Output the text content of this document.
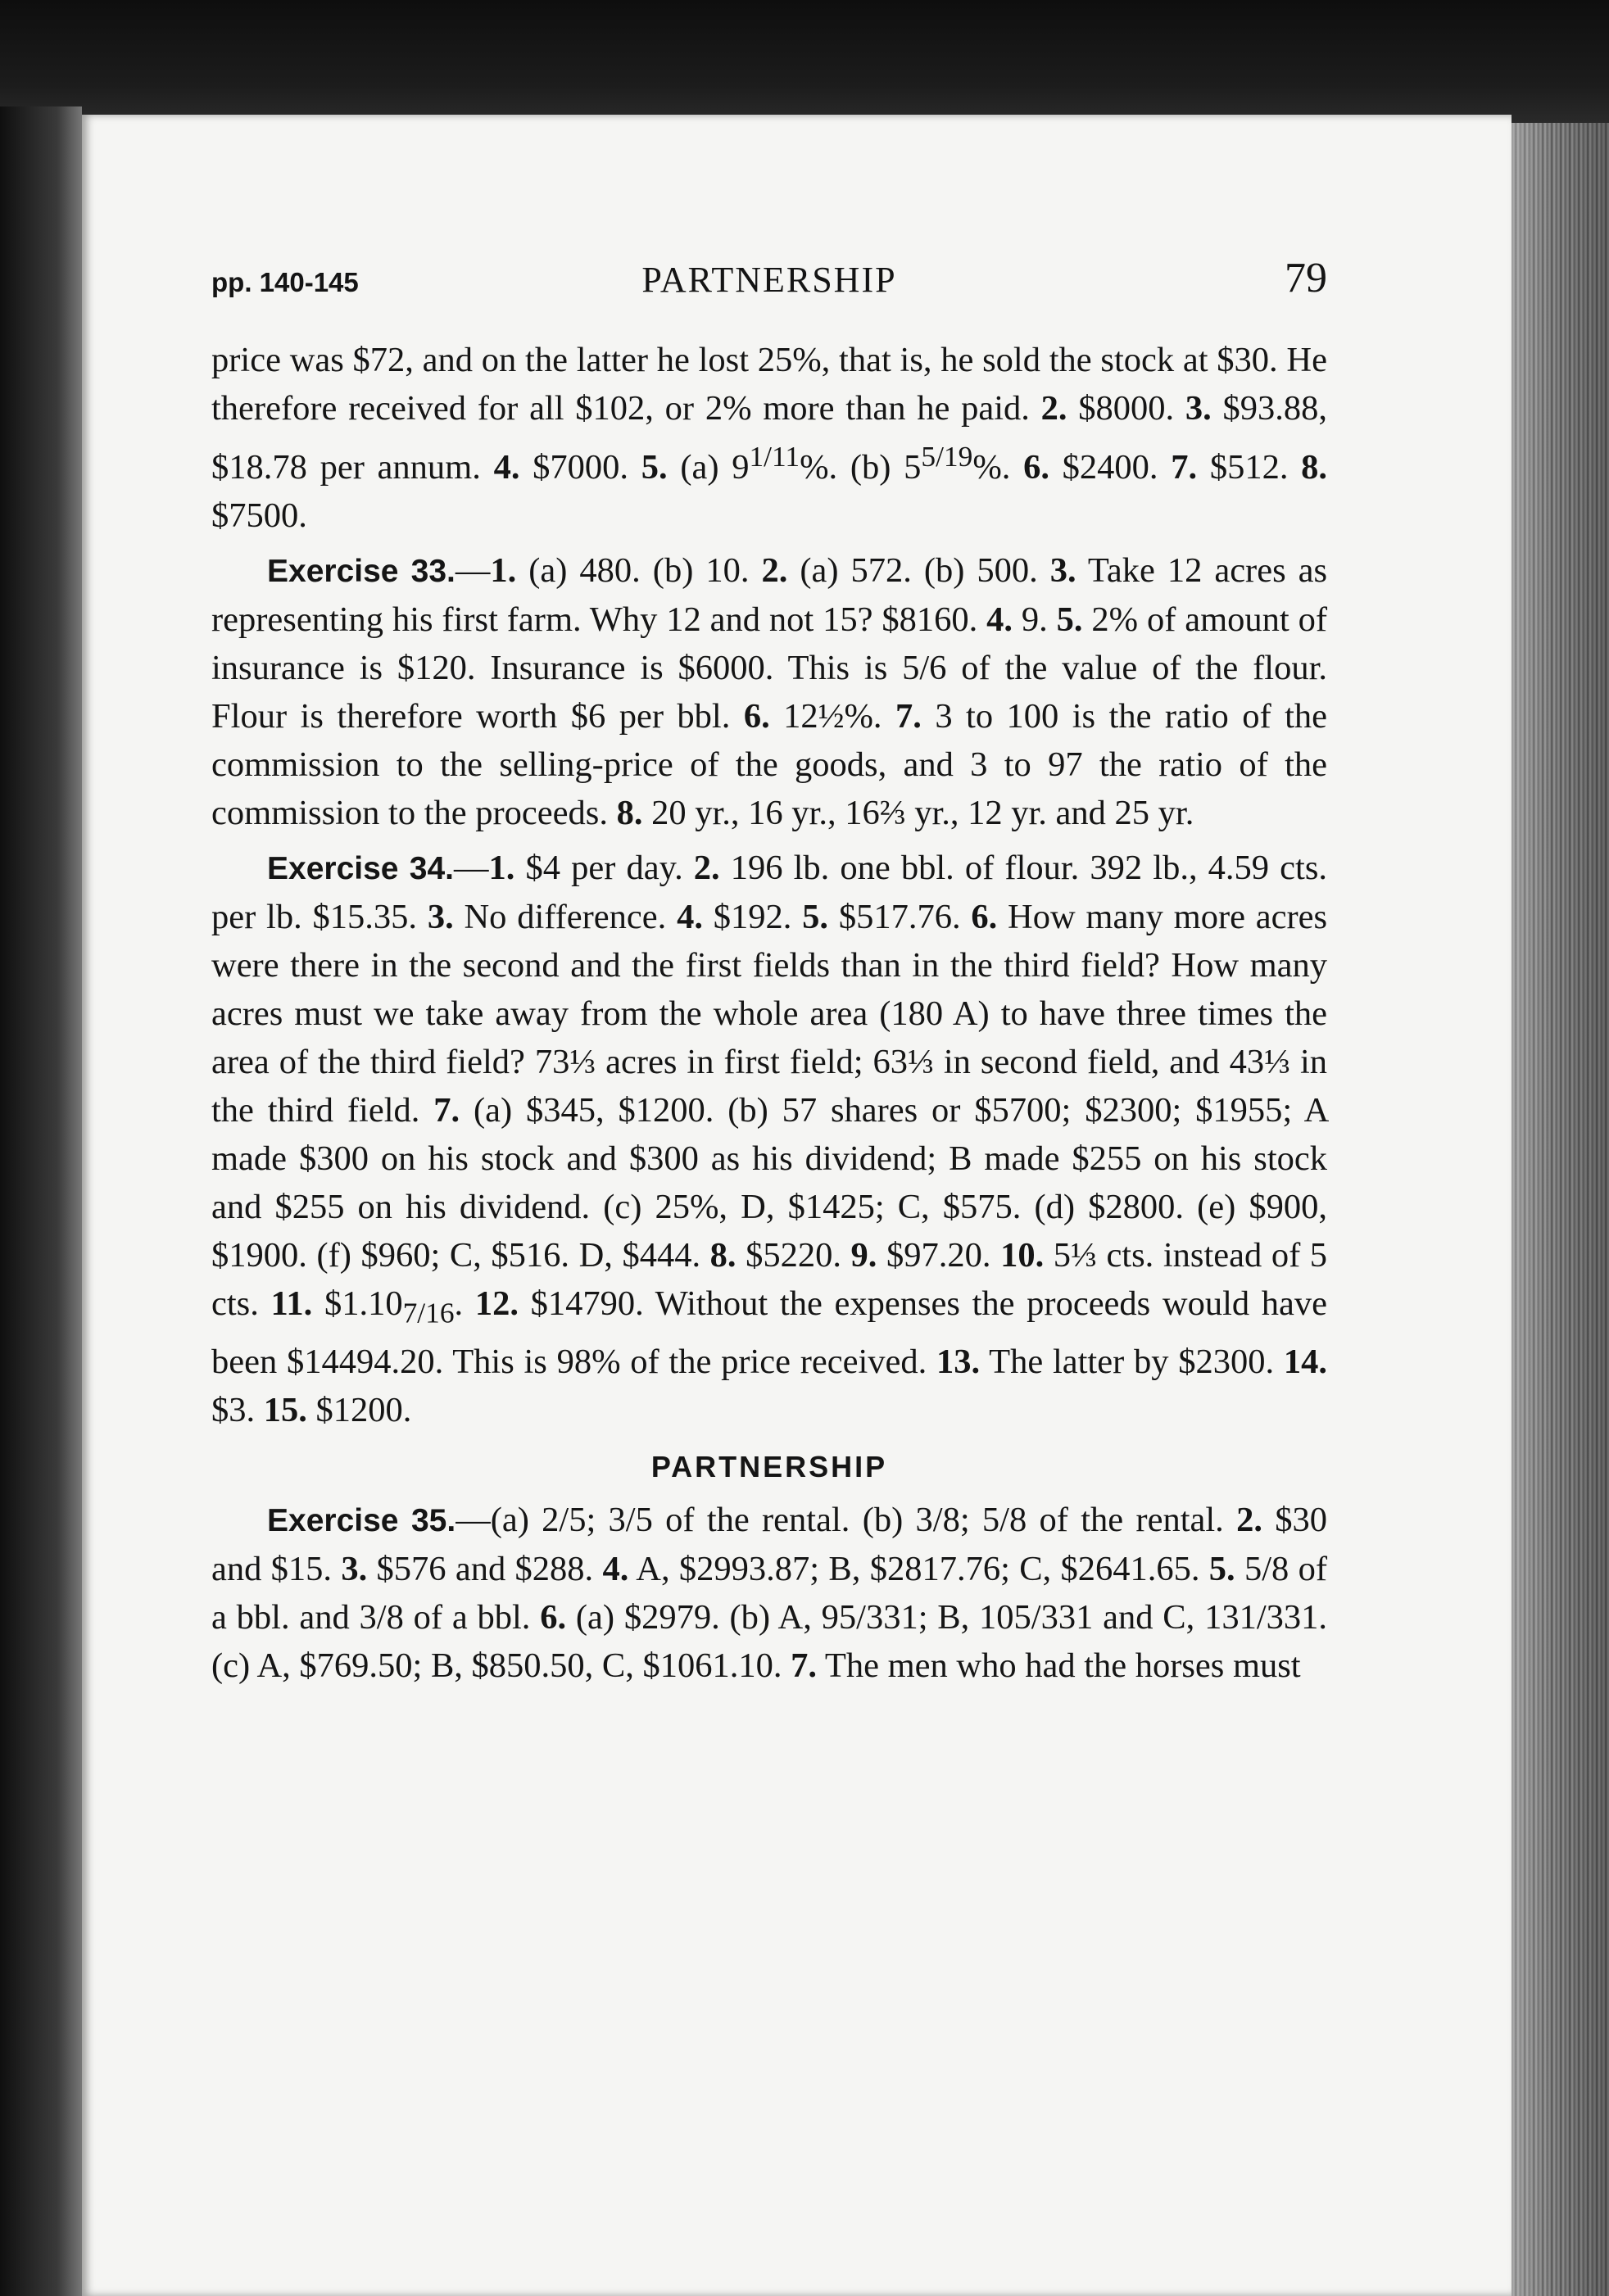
pp. 140-145	PARTNERSHIP	79

price was $72, and on the latter he lost 25%, that is, he sold the stock at $30. He therefore received for all $102, or 2% more than he paid. 2. $8000. 3. $93.88, $18.78 per annum. 4. $7000. 5. (a) $9^{1/11}\%$. (b) $5^{5/19}\%$. 6. $2400. 7. $512. 8. $7500.

Exercise 33.—1. (a) 480. (b) 10. 2. (a) 572. (b) 500. 3. Take 12 acres as representing his first farm. Why 12 and not 15? $8160. 4. 9. 5. 2% of amount of insurance is $120. Insurance is $6000. This is 5/6 of the value of the flour. Flour is therefore worth $6 per bbl. 6. 12½%. 7. 3 to 100 is the ratio of the commission to the selling-price of the goods, and 3 to 97 the ratio of the commission to the proceeds. 8. 20 yr., 16 yr., 16⅔ yr., 12 yr. and 25 yr.

Exercise 34.—1. $4 per day. 2. 196 lb. one bbl. of flour. 392 lb., 4.59 cts. per lb. $15.35. 3. No difference. 4. $192. 5. $517.76. 6. How many more acres were there in the second and the first fields than in the third field? How many acres must we take away from the whole area (180 A) to have three times the area of the third field? 73⅓ acres in first field; 63⅓ in second field, and 43⅓ in the third field. 7. (a) $345, $1200. (b) 57 shares or $5700; $2300; $1955; A made $300 on his stock and $300 as his dividend; B made $255 on his stock and $255 on his dividend. (c) 25%, D, $1425; C, $575. (d) $2800. (e) $900, $1900. (f) $960; C, $516. D, $444. 8. $5220. 9. $97.20. 10. 5⅓ cts. instead of 5 cts. 11. $\$1.10_{7/16}$. 12. $14790. Without the expenses the proceeds would have been $14494.20. This is 98% of the price received. 13. The latter by $2300. 14. $3. 15. $1200.

PARTNERSHIP

Exercise 35.—(a) 2/5; 3/5 of the rental. (b) 3/8; 5/8 of the rental. 2. $30 and $15. 3. $576 and $288. 4. A, $2993.87; B, $2817.76; C, $2641.65. 5. 5/8 of a bbl. and 3/8 of a bbl. 6. (a) $2979. (b) A, 95/331; B, 105/331 and C, 131/331. (c) A, $769.50; B, $850.50, C, $1061.10. 7. The men who had the horses must
